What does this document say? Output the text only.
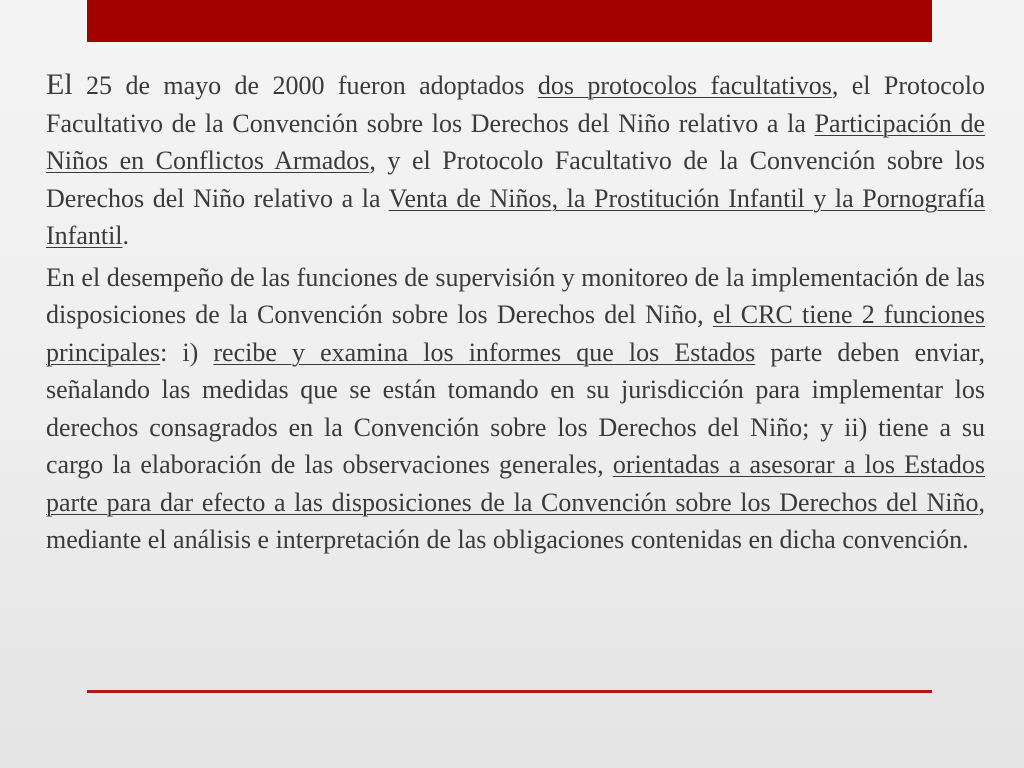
El 25 de mayo de 2000 fueron adoptados dos protocolos facultativos, el Protocolo Facultativo de la Convención sobre los Derechos del Niño relativo a la Participación de Niños en Conflictos Armados, y el Protocolo Facultativo de la Convención sobre los Derechos del Niño relativo a la Venta de Niños, la Prostitución Infantil y la Pornografía Infantil.

En el desempeño de las funciones de supervisión y monitoreo de la implementación de las disposiciones de la Convención sobre los Derechos del Niño, el CRC tiene 2 funciones principales: i) recibe y examina los informes que los Estados parte deben enviar, señalando las medidas que se están tomando en su jurisdicción para implementar los derechos consagrados en la Convención sobre los Derechos del Niño; y ii) tiene a su cargo la elaboración de las observaciones generales, orientadas a asesorar a los Estados parte para dar efecto a las disposiciones de la Convención sobre los Derechos del Niño, mediante el análisis e interpretación de las obligaciones contenidas en dicha convención.
